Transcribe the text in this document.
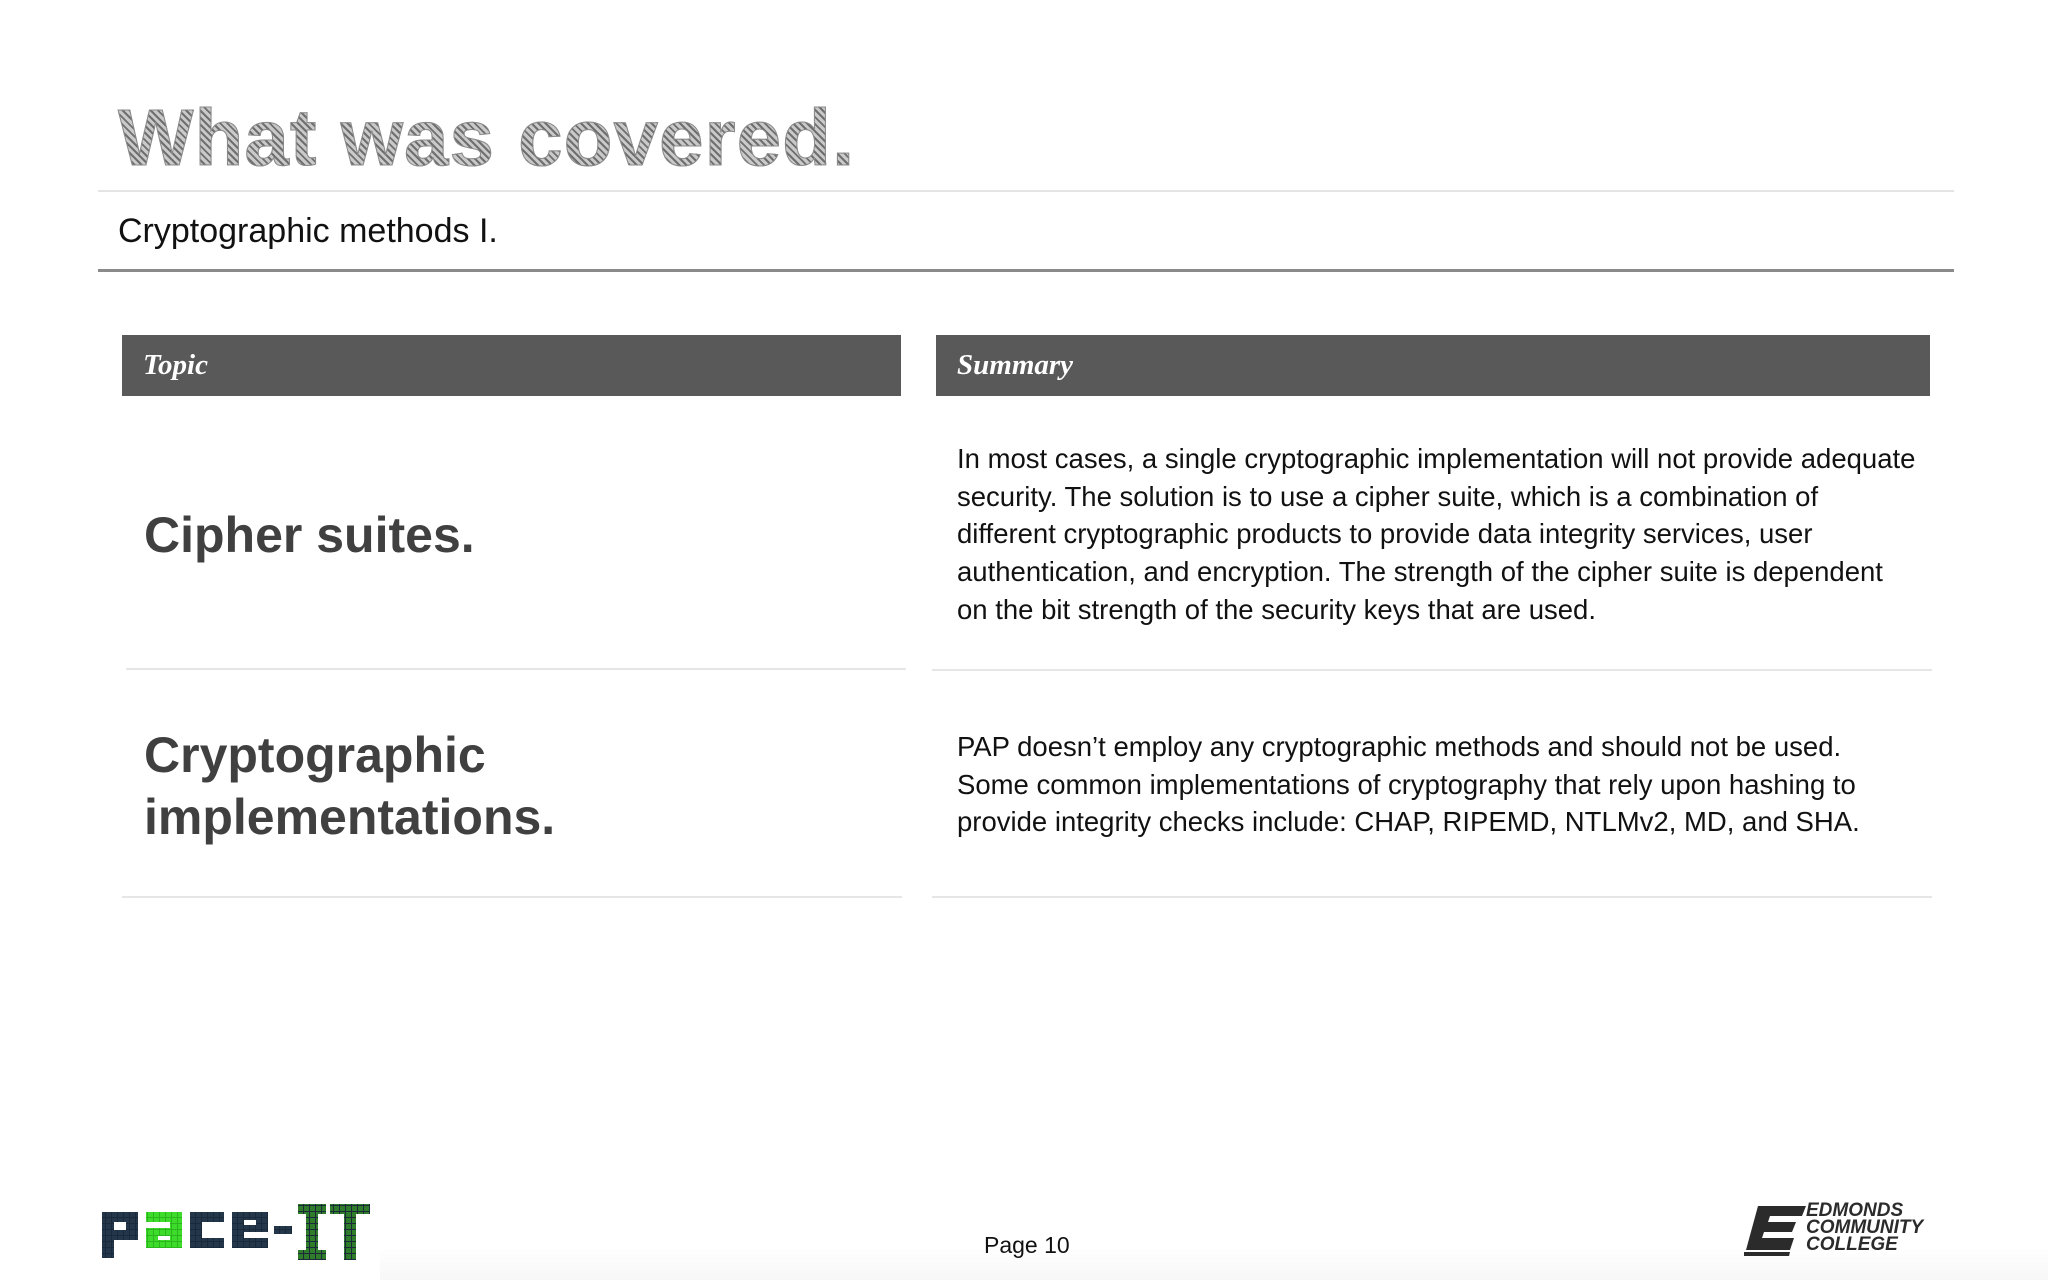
What was covered.
Cryptographic methods I.
Topic	Summary
Cipher suites.
In most cases, a single cryptographic implementation will not provide adequate security. The solution is to use a cipher suite, which is a combination of different cryptographic products to provide data integrity services, user authentication, and encryption. The strength of the cipher suite is dependent on the bit strength of the security keys that are used.
Cryptographic implementations.
PAP doesn’t employ any cryptographic methods and should not be used. Some common implementations of cryptography that rely upon hashing to provide integrity checks include: CHAP, RIPEMD, NTLMv2, MD, and SHA.
Page 10
EDMONDS
COMMUNITY
COLLEGE
